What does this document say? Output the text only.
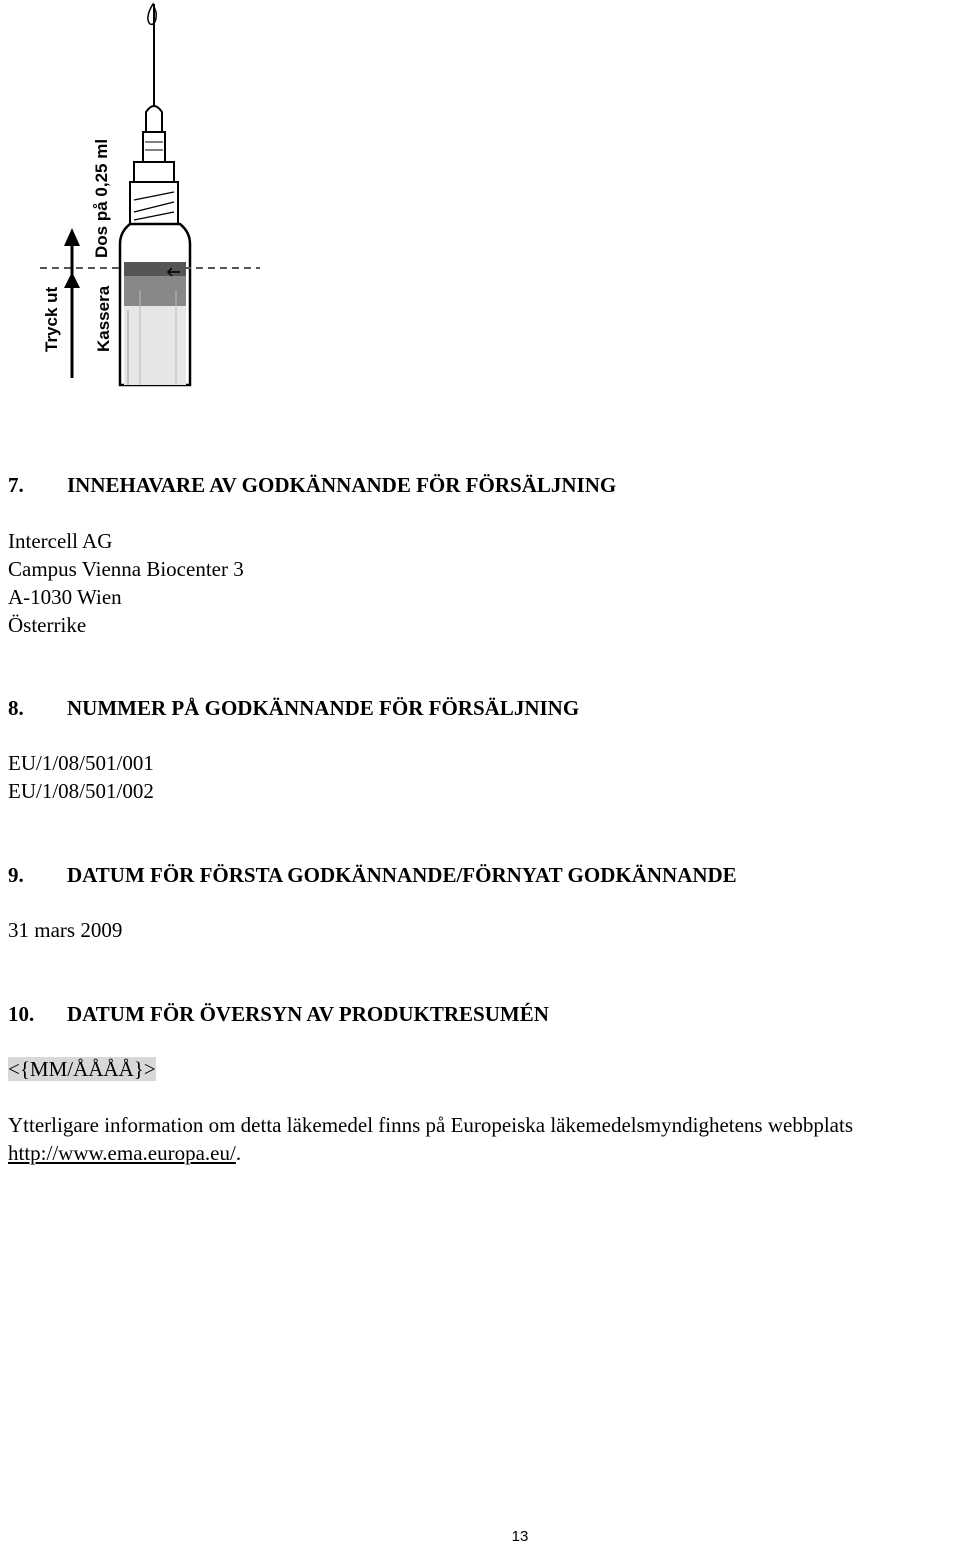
Tryck ut
Dos på 0,25 ml
Kassera
7. INNEHAVARE AV GODKÄNNANDE FÖR FÖRSÄLJNING
Intercell AG
Campus Vienna Biocenter 3
A-1030 Wien
Österrike
8. NUMMER PÅ GODKÄNNANDE FÖR FÖRSÄLJNING
EU/1/08/501/001
EU/1/08/501/002
9. DATUM FÖR FÖRSTA GODKÄNNANDE/FÖRNYAT GODKÄNNANDE
31 mars 2009
10. DATUM FÖR ÖVERSYN AV PRODUKTRESUMÉN
<{MM/ÅÅÅÅ}>
Ytterligare information om detta läkemedel finns på Europeiska läkemedelsmyndighetens webbplats
http://www.ema.europa.eu/.
13
